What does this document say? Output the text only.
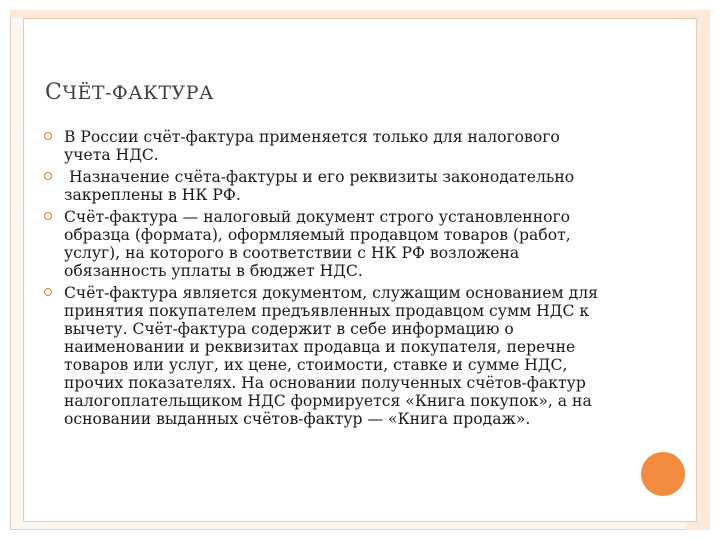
СЧЁТ-ФАКТУРА
В России счёт-фактура применяется только для налогового учета НДС.
Назначение счёта-фактуры и его реквизиты законодательно закреплены в НК РФ.
Счёт-фактура — налоговый документ строго установленного образца (формата), оформляемый продавцом товаров (работ, услуг), на которого в соответствии с НК РФ возложена обязанность уплаты в бюджет НДС.
Счёт-фактура является документом, служащим основанием для принятия покупателем предъявленных продавцом сумм НДС к вычету. Счёт-фактура содержит в себе информацию о наименовании и реквизитах продавца и покупателя, перечне товаров или услуг, их цене, стоимости, ставке и сумме НДС, прочих показателях. На основании полученных счётов-фактур налогоплательщиком НДС формируется «Книга покупок», а на основании выданных счётов-фактур — «Книга продаж».
